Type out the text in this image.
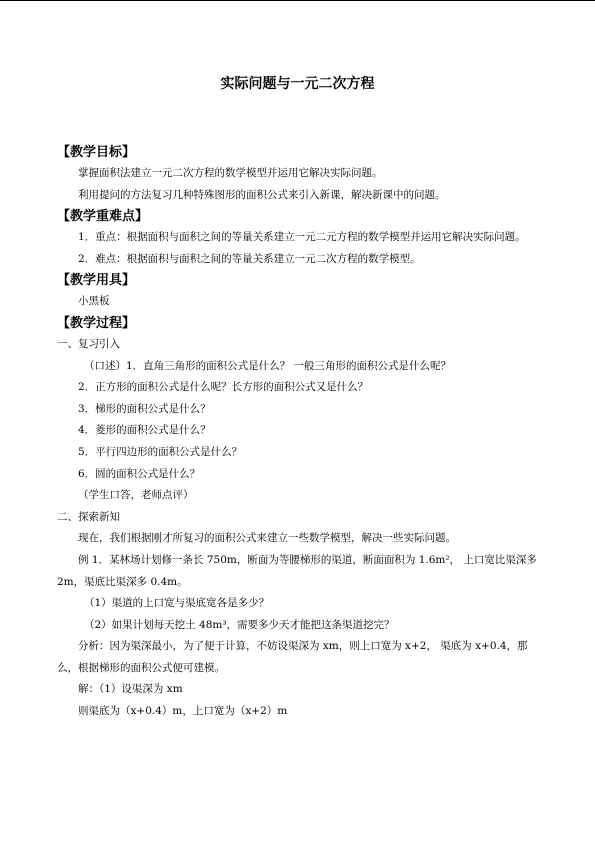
实际问题与一元二次方程
【教学目标】
掌握面积法建立一元二次方程的数学模型并运用它解决实际问题。
利用提问的方法复习几种特殊图形的面积公式来引入新课，解决新课中的问题。
【教学重难点】
1．重点：根据面积与面积之间的等量关系建立一元二元方程的数学模型并运用它解决实际问题。
2．难点：根据面积与面积之间的等量关系建立一元二次方程的数学模型。
【教学用具】
小黑板
【教学过程】
一、复习引入
（口述）1．直角三角形的面积公式是什么？ 一般三角形的面积公式是什么呢？
2．正方形的面积公式是什么呢？长方形的面积公式又是什么？
3．梯形的面积公式是什么？
4．菱形的面积公式是什么？
5．平行四边形的面积公式是什么？
6．圆的面积公式是什么？
（学生口答，老师点评）
二、探索新知
现在，我们根据刚才所复习的面积公式来建立一些数学模型，解决一些实际问题。
例 1．某林场计划修一条长 750m，断面为等腰梯形的渠道，断面面积为 1.6m²， 上口宽比渠深多 2m，渠底比渠深多 0.4m。
（1）渠道的上口宽与渠底宽各是多少？
（2）如果计划每天挖土 48m³，需要多少天才能把这条渠道挖完？
分析：因为渠深最小，为了便于计算，不妨设渠深为 xm，则上口宽为 x+2， 渠底为 x+0.4，那么，根据梯形的面积公式便可建模。
解：（1）设渠深为 xm
则渠底为（x+0.4）m，上口宽为（x+2）m
